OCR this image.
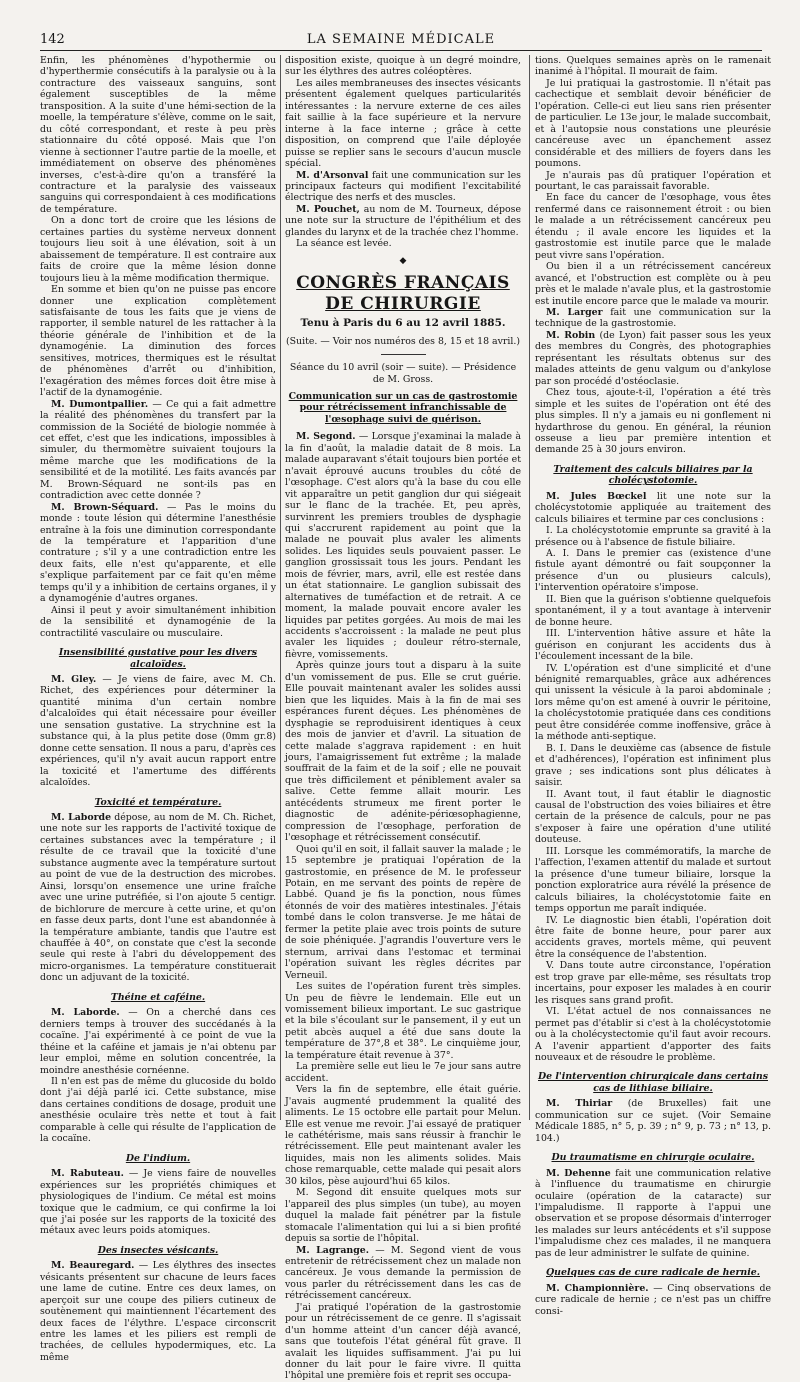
142	LA SEMAINE MÉDICALE

Enfin, les phénomènes d'hypothermie ou d'hyperthermie consécutifs à la paralysie ou à la contracture des vaisseaux sanguins, sont également susceptibles de la même transposition. A la suite d'une hémi-section de la moelle, la température s'élève, comme on le sait, du côté correspondant, et reste à peu près stationnaire du côté opposé. Mais que l'on vienne à sectionner l'autre partie de la moelle, et immédiatement on observe des phénomènes inverses, c'est-à-dire qu'on a transféré la contracture et la paralysie des vaisseaux sanguins qui correspondaient à ces modifications de température.

On a donc tort de croire que les lésions de certaines parties du système nerveux donnent toujours lieu soit à une élévation, soit à un abaissement de température. Il est contraire aux faits de croire que la même lésion donne toujours lieu à la même modification thermique.

En somme et bien qu'on ne puisse pas encore donner une explication complètement satisfaisante de tous les faits que je viens de rapporter, il semble naturel de les rattacher à la théorie générale de l'inhibition et de la dynamogénie. La diminution des forces sensitives, motrices, thermiques est le résultat de phénomènes d'arrêt ou d'inhibition, l'exagération des mêmes forces doit être mise à l'actif de la dynamogénie.

M. Dumontpallier. — Ce qui a fait admettre la réalité des phénomènes du transfert par la commission de la Société de biologie nommée à cet effet, c'est que les indications, impossibles à simuler, du thermomètre suivaient toujours la même marche que les modifications de la sensibilité et de la motilité. Les faits avancés par M. Brown-Séquard ne sont-ils pas en contradiction avec cette donnée ?

M. Brown-Séquard. — Pas le moins du monde : toute lésion qui détermine l'anesthésie entraîne à la fois une diminution correspondante de la température et l'apparition d'une contrature ; s'il y a une contradiction entre les deux faits, elle n'est qu'apparente, et elle s'explique parfaitement par ce fait qu'en même temps qu'il y a inhibition de certains organes, il y a dynamogénie d'autres organes.

Ainsi il peut y avoir simultanément inhibition de la sensibilité et dynamogénie de la contractilité vasculaire ou musculaire.

Insensibilité gustative pour les divers alcaloïdes.

M. Gley. — Je viens de faire, avec M. Ch. Richet, des expériences pour déterminer la quantité minima d'un certain nombre d'alcaloïdes qui était nécessaire pour éveiller une sensation gustative. La strychnine est la substance qui, à la plus petite dose (0mm gr.8) donne cette sensation. Il nous a paru, d'après ces expériences, qu'il n'y avait aucun rapport entre la toxicité et l'amertume des différents alcaloïdes.

Toxicité et température.

M. Laborde dépose, au nom de M. Ch. Richet, une note sur les rapports de l'activité toxique de certaines substances avec la température ; il résulte de ce travail que la toxicité d'une substance augmente avec la température surtout au point de vue de la destruction des microbes. Ainsi, lorsqu'on ensemence une urine fraîche avec une urine putréfiée, si l'on ajoute 5 centigr. de bichlorure de mercure à cette urine, et qu'on en fasse deux parts, dont l'une est abandonnée à la température ambiante, tandis que l'autre est chauffée à 40°, on constate que c'est la seconde seule qui reste à l'abri du développement des micro-organismes. La température constituerait donc un adjuvant de la toxicité.

Théine et caféine.

M. Laborde. — On a cherché dans ces derniers temps à trouver des succédanés à la cocaïne. J'ai expérimenté à ce point de vue la théine et la caféine et jamais je n'ai obtenu par leur emploi, même en solution concentrée, la moindre anesthésie cornéenne.

Il n'en est pas de même du glucoside du boldo dont j'ai déjà parlé ici. Cette substance, mise dans certaines conditions de dosage, produit une anesthésie oculaire très nette et tout à fait comparable à celle qui résulte de l'application de la cocaïne.

De l'indium.

M. Rabuteau. — Je viens faire de nouvelles expériences sur les propriétés chimiques et physiologiques de l'indium. Ce métal est moins toxique que le cadmium, ce qui confirme la loi que j'ai posée sur les rapports de la toxicité des métaux avec leurs poids atomiques.

Des insectes vésicants.

M. Beauregard. — Les élythres des insectes vésicants présentent sur chacune de leurs faces une lame de cutine. Entre ces deux lames, on aperçoit sur une coupe des piliers cutineux de soutènement qui maintiennent l'écartement des deux faces de l'élythre. L'espace circonscrit entre les lames et les piliers est rempli de trachées, de cellules hypodermiques, etc. La même

disposition existe, quoique à un degré moindre, sur les élythres des autres coléoptères.

Les ailes membraneuses des insectes vésicants présentent également quelques particularités intéressantes : la nervure externe de ces ailes fait saillie à la face supérieure et la nervure interne à la face interne ; grâce à cette disposition, on comprend que l'aile déployée puisse se replier sans le secours d'aucun muscle spécial.

M. d'Arsonval fait une communication sur les principaux facteurs qui modifient l'excitabilité électrique des nerfs et des muscles.

M. Pouchet, au nom de M. Tourneux, dépose une note sur la structure de l'épithélium et des glandes du larynx et de la trachée chez l'homme.

La séance est levée.

◆
CONGRÈS FRANÇAIS DE CHIRURGIE
Tenu à Paris du 6 au 12 avril 1885.

(Suite. — Voir nos numéros des 8, 15 et 18 avril.)

Séance du 10 avril (soir — suite). — Présidence de M. Gross.

Communication sur un cas de gastrostomie pour rétrécissement infranchissable de l'œsophage suivi de guérison.

M. Segond. — Lorsque j'examinai la malade à la fin d'août, la maladie datait de 8 mois. La malade auparavant s'était toujours bien portée et n'avait éprouvé aucuns troubles du côté de l'œsophage. C'est alors qu'à la base du cou elle vit apparaître un petit ganglion dur qui siégeait sur le flanc de la trachée. Et, peu après, survinrent les premiers troubles de dysphagie qui s'accrurent rapidement au point que la malade ne pouvait plus avaler les aliments solides. Les liquides seuls pouvaient passer. Le ganglion grossissait tous les jours. Pendant les mois de février, mars, avril, elle est restée dans un état stationnaire. Le ganglion subissait des alternatives de tuméfaction et de retrait. A ce moment, la malade pouvait encore avaler les liquides par petites gorgées. Au mois de mai les accidents s'accroissent : la malade ne peut plus avaler les liquides ; douleur rétro-sternale, fièvre, vomissements.

Après quinze jours tout a disparu à la suite d'un vomissement de pus. Elle se crut guérie. Elle pouvait maintenant avaler les solides aussi bien que les liquides. Mais à la fin de mai ses espérances furent déçues. Les phénomènes de dysphagie se reproduisirent identiques à ceux des mois de janvier et d'avril. La situation de cette malade s'aggrava rapidement : en huit jours, l'amaigrissement fut extrême ; la malade souffrait de la faim et de la soif ; elle ne pouvait que très difficilement et péniblement avaler sa salive. Cette femme allait mourir. Les antécédents strumeux me firent porter le diagnostic de adénite-périœsophagienne, compression de l'œsophage, perforation de l'œsophage et rétrécissement consécutif.

Quoi qu'il en soit, il fallait sauver la malade ; le 15 septembre je pratiquai l'opération de la gastrostomie, en présence de M. le professeur Potain, en me servant des points de repère de Labbé. Quand je fis la ponction, nous fûmes étonnés de voir des matières intestinales. J'étais tombé dans le colon transverse. Je me hâtai de fermer la petite plaie avec trois points de suture de soie phéniquée. J'agrandis l'ouverture vers le sternum, arrivai dans l'estomac et terminai l'opération suivant les règles décrites par Verneuil.

Les suites de l'opération furent très simples. Un peu de fièvre le lendemain. Elle eut un vomissement bilieux important. Le suc gastrique et la bile s'écoulant sur le pansement, il y eut un petit abcès auquel a été due sans doute la température de 37°,8 et 38°. Le cinquième jour, la température était revenue à 37°.

La première selle eut lieu le 7e jour sans autre accident.

Vers la fin de septembre, elle était guérie. J'avais augmenté prudemment la qualité des aliments. Le 15 octobre elle partait pour Melun. Elle est venue me revoir. J'ai essayé de pratiquer le cathétérisme, mais sans réussir à franchir le rétrécissement. Elle peut maintenant avaler les liquides, mais non les aliments solides. Mais chose remarquable, cette malade qui pesait alors 30 kilos, pèse aujourd'hui 65 kilos.

M. Segond dit ensuite quelques mots sur l'appareil des plus simples (un tube), au moyen duquel la malade fait pénétrer par la fistule stomacale l'alimentation qui lui a si bien profité depuis sa sortie de l'hôpital.

M. Lagrange. — M. Segond vient de vous entretenir de rétrécissement chez un malade non cancéreux. Je vous demande la permission de vous parler du rétrécissement dans les cas de rétrécissement cancéreux.

J'ai pratiqué l'opération de la gastrostomie pour un rétrécissement de ce genre. Il s'agissait d'un homme atteint d'un cancer déjà avancé, sans que toutefois l'état général fût grave. Il avalait les liquides suffisamment. J'ai pu lui donner du lait pour le faire vivre. Il quitta l'hôpital une première fois et reprit ses occupa-

tions. Quelques semaines après on le ramenait inanimé à l'hôpital. Il mourait de faim.

Je lui pratiquai la gastrostomie. Il n'était pas cachectique et semblait devoir bénéficier de l'opération. Celle-ci eut lieu sans rien présenter de particulier. Le 13e jour, le malade succombait, et à l'autopsie nous constations une pleurésie cancéreuse avec un épanchement assez considérable et des milliers de foyers dans les poumons.

Je n'aurais pas dû pratiquer l'opération et pourtant, le cas paraissait favorable.

En face du cancer de l'œsophage, vous êtes renfermé dans ce raisonnement étroit : ou bien le malade a un rétrécissement cancéreux peu étendu ; il avale encore les liquides et la gastrostomie est inutile parce que le malade peut vivre sans l'opération.

Ou bien il a un rétrécissement cancéreux avancé, et l'obstruction est complète ou à peu près et le malade n'avale plus, et la gastrostomie est inutile encore parce que le malade va mourir.

M. Larger fait une communication sur la technique de la gastrostomie.

M. Robin (de Lyon) fait passer sous les yeux des membres du Congrès, des photographies représentant les résultats obtenus sur des malades atteints de genu valgum ou d'ankylose par son procédé d'ostéoclasie.

Chez tous, ajoute-t-il, l'opération a été très simple et les suites de l'opération ont été des plus simples. Il n'y a jamais eu ni gonflement ni hydarthrose du genou. En général, la réunion osseuse a lieu par première intention et demande 25 à 30 jours environ.

Traitement des calculs biliaires par la cholécystotomie.

M. Jules Bœckel lit une note sur la cholécystotomie appliquée au traitement des calculs biliaires et termine par ces conclusions :

I. La cholécystotomie emprunte sa gravité à la présence ou à l'absence de fistule biliaire.

A. I. Dans le premier cas (existence d'une fistule ayant démontré ou fait soupçonner la présence d'un ou plusieurs calculs), l'intervention opératoire s'impose.

II. Bien que la guérison s'obtienne quelquefois spontanément, il y a tout avantage à intervenir de bonne heure.

III. L'intervention hâtive assure et hâte la guérison en conjurant les accidents dus à l'écoulement incessant de la bile.

IV. L'opération est d'une simplicité et d'une bénignité remarquables, grâce aux adhérences qui unissent la vésicule à la paroi abdominale ; lors même qu'on est amené à ouvrir le péritoine, la cholécystotomie pratiquée dans ces conditions peut être considérée comme inoffensive, grâce à la méthode anti-septique.

B. I. Dans le deuxième cas (absence de fistule et d'adhérences), l'opération est infiniment plus grave ; ses indications sont plus délicates à saisir.

II. Avant tout, il faut établir le diagnostic causal de l'obstruction des voies biliaires et être certain de la présence de calculs, pour ne pas s'exposer à faire une opération d'une utilité douteuse.

III. Lorsque les commémoratifs, la marche de l'affection, l'examen attentif du malade et surtout la présence d'une tumeur biliaire, lorsque la ponction exploratrice aura révélé la présence de calculs biliaires, la cholécystotomie faite en temps opportun me paraît indiquée.

IV. Le diagnostic bien établi, l'opération doit être faite de bonne heure, pour parer aux accidents graves, mortels même, qui peuvent être la conséquence de l'abstention.

V. Dans toute autre circonstance, l'opération est trop grave par elle-même, ses résultats trop incertains, pour exposer les malades à en courir les risques sans grand profit.

VI. L'état actuel de nos connaissances ne permet pas d'établir si c'est à la cholécystotomie ou à la cholécystectomie qu'il faut avoir recours. A l'avenir appartient d'apporter des faits nouveaux et de résoudre le problème.

De l'intervention chirurgicale dans certains cas de lithiase biliaire.

M. Thiriar (de Bruxelles) fait une communication sur ce sujet. (Voir Semaine Médicale 1885, n° 5, p. 39 ; n° 9, p. 73 ; n° 13, p. 104.)

Du traumatisme en chirurgie oculaire.

M. Dehenne fait une communication relative à l'influence du traumatisme en chirurgie oculaire (opération de la cataracte) sur l'impaludisme. Il rapporte à l'appui une observation et se propose désormais d'interroger les malades sur leurs antécédents et s'il suppose l'impaludisme chez ces malades, il ne manquera pas de leur administrer le sulfate de quinine.

Quelques cas de cure radicale de hernie.

M. Championnière. — Cinq observations de cure radicale de hernie ; ce n'est pas un chiffre consi-
